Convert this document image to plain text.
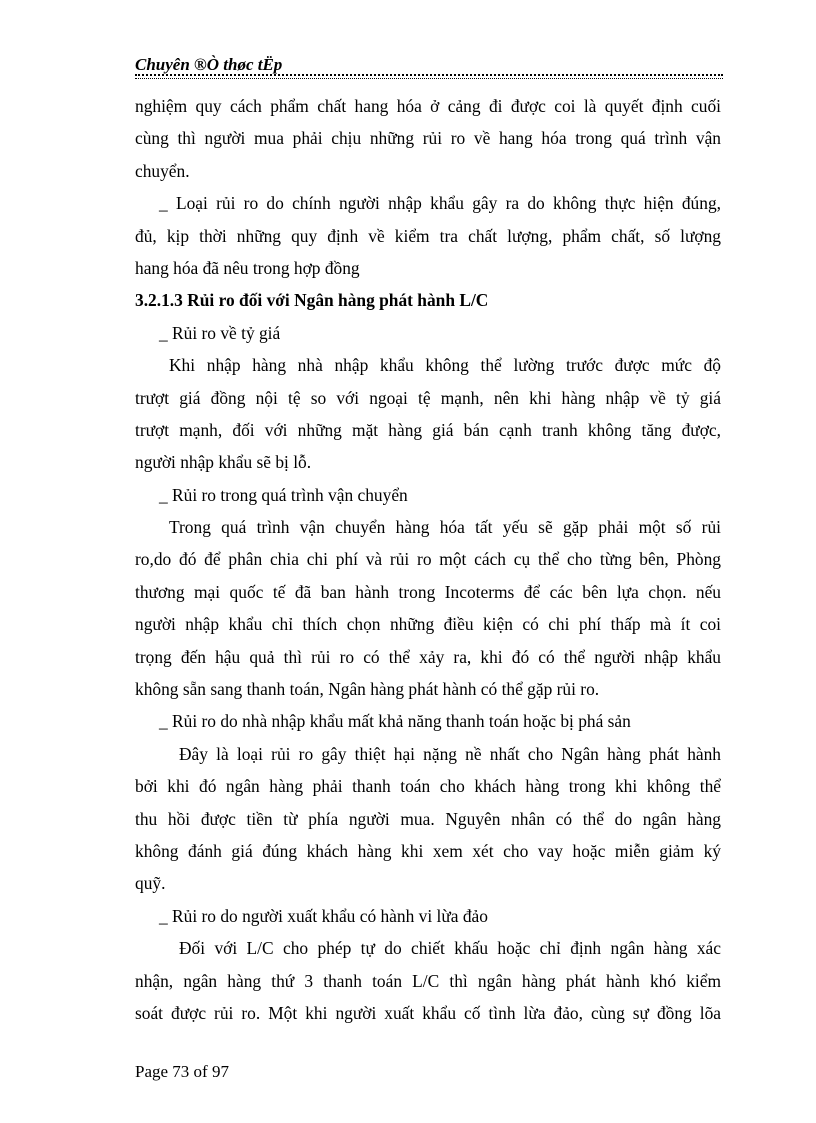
Chuyên ®Ò thøc tËp
nghiệm quy cách phẩm chất hang hóa ở cảng đi được coi là quyết định cuối
cùng thì người mua phải chịu những rủi ro về hang hóa trong quá trình vận
chuyển.
_ Loại rủi ro do chính người nhập khẩu gây ra do không thực hiện đúng,
đủ, kịp thời những quy định về kiểm tra chất lượng, phẩm chất, số lượng
hang hóa đã nêu trong hợp đồng
3.2.1.3 Rủi ro đối với Ngân hàng phát hành L/C
_ Rủi ro về tỷ giá
Khi nhập hàng nhà nhập khẩu không thể lường trước được mức độ
trượt giá đồng nội tệ so với ngoại tệ mạnh, nên khi hàng nhập về tỷ giá
trượt mạnh, đối với những mặt hàng giá bán cạnh tranh không tăng được,
người nhập khẩu sẽ bị lỗ.
_ Rủi ro trong quá trình vận chuyển
Trong quá trình vận chuyển hàng hóa tất yếu sẽ gặp phải một số rủi
ro,do đó để phân chia chi phí và rủi ro một cách cụ thể cho từng bên, Phòng
thương mại quốc tế đã ban hành trong Incoterms để các bên lựa chọn. nếu
người nhập khẩu chỉ thích chọn những điều kiện có chi phí thấp mà ít coi
trọng đến hậu quả thì rủi ro có thể xảy ra, khi đó có thể người nhập khẩu
không sẵn sang thanh toán, Ngân hàng phát hành có thể gặp rủi ro.
_ Rủi ro do nhà nhập khẩu mất khả năng thanh toán hoặc bị phá sản
Đây là loại rủi ro gây thiệt hại nặng nề nhất cho Ngân hàng phát hành
bởi khi đó ngân hàng phải thanh toán cho khách hàng trong khi không thể
thu hồi được tiền từ phía người mua. Nguyên nhân có thể do ngân hàng
không đánh giá đúng khách hàng khi xem xét cho vay hoặc miễn giảm ký
quỹ.
_ Rủi ro do người xuất khẩu có hành vi lừa đảo
Đối với L/C cho phép tự do chiết khấu hoặc chỉ định ngân hàng xác
nhận, ngân hàng thứ 3 thanh toán L/C thì ngân hàng phát hành khó kiểm
soát được rủi ro. Một khi người xuất khẩu cố tình lừa đảo, cùng sự đồng lõa
Page 73 of 97
